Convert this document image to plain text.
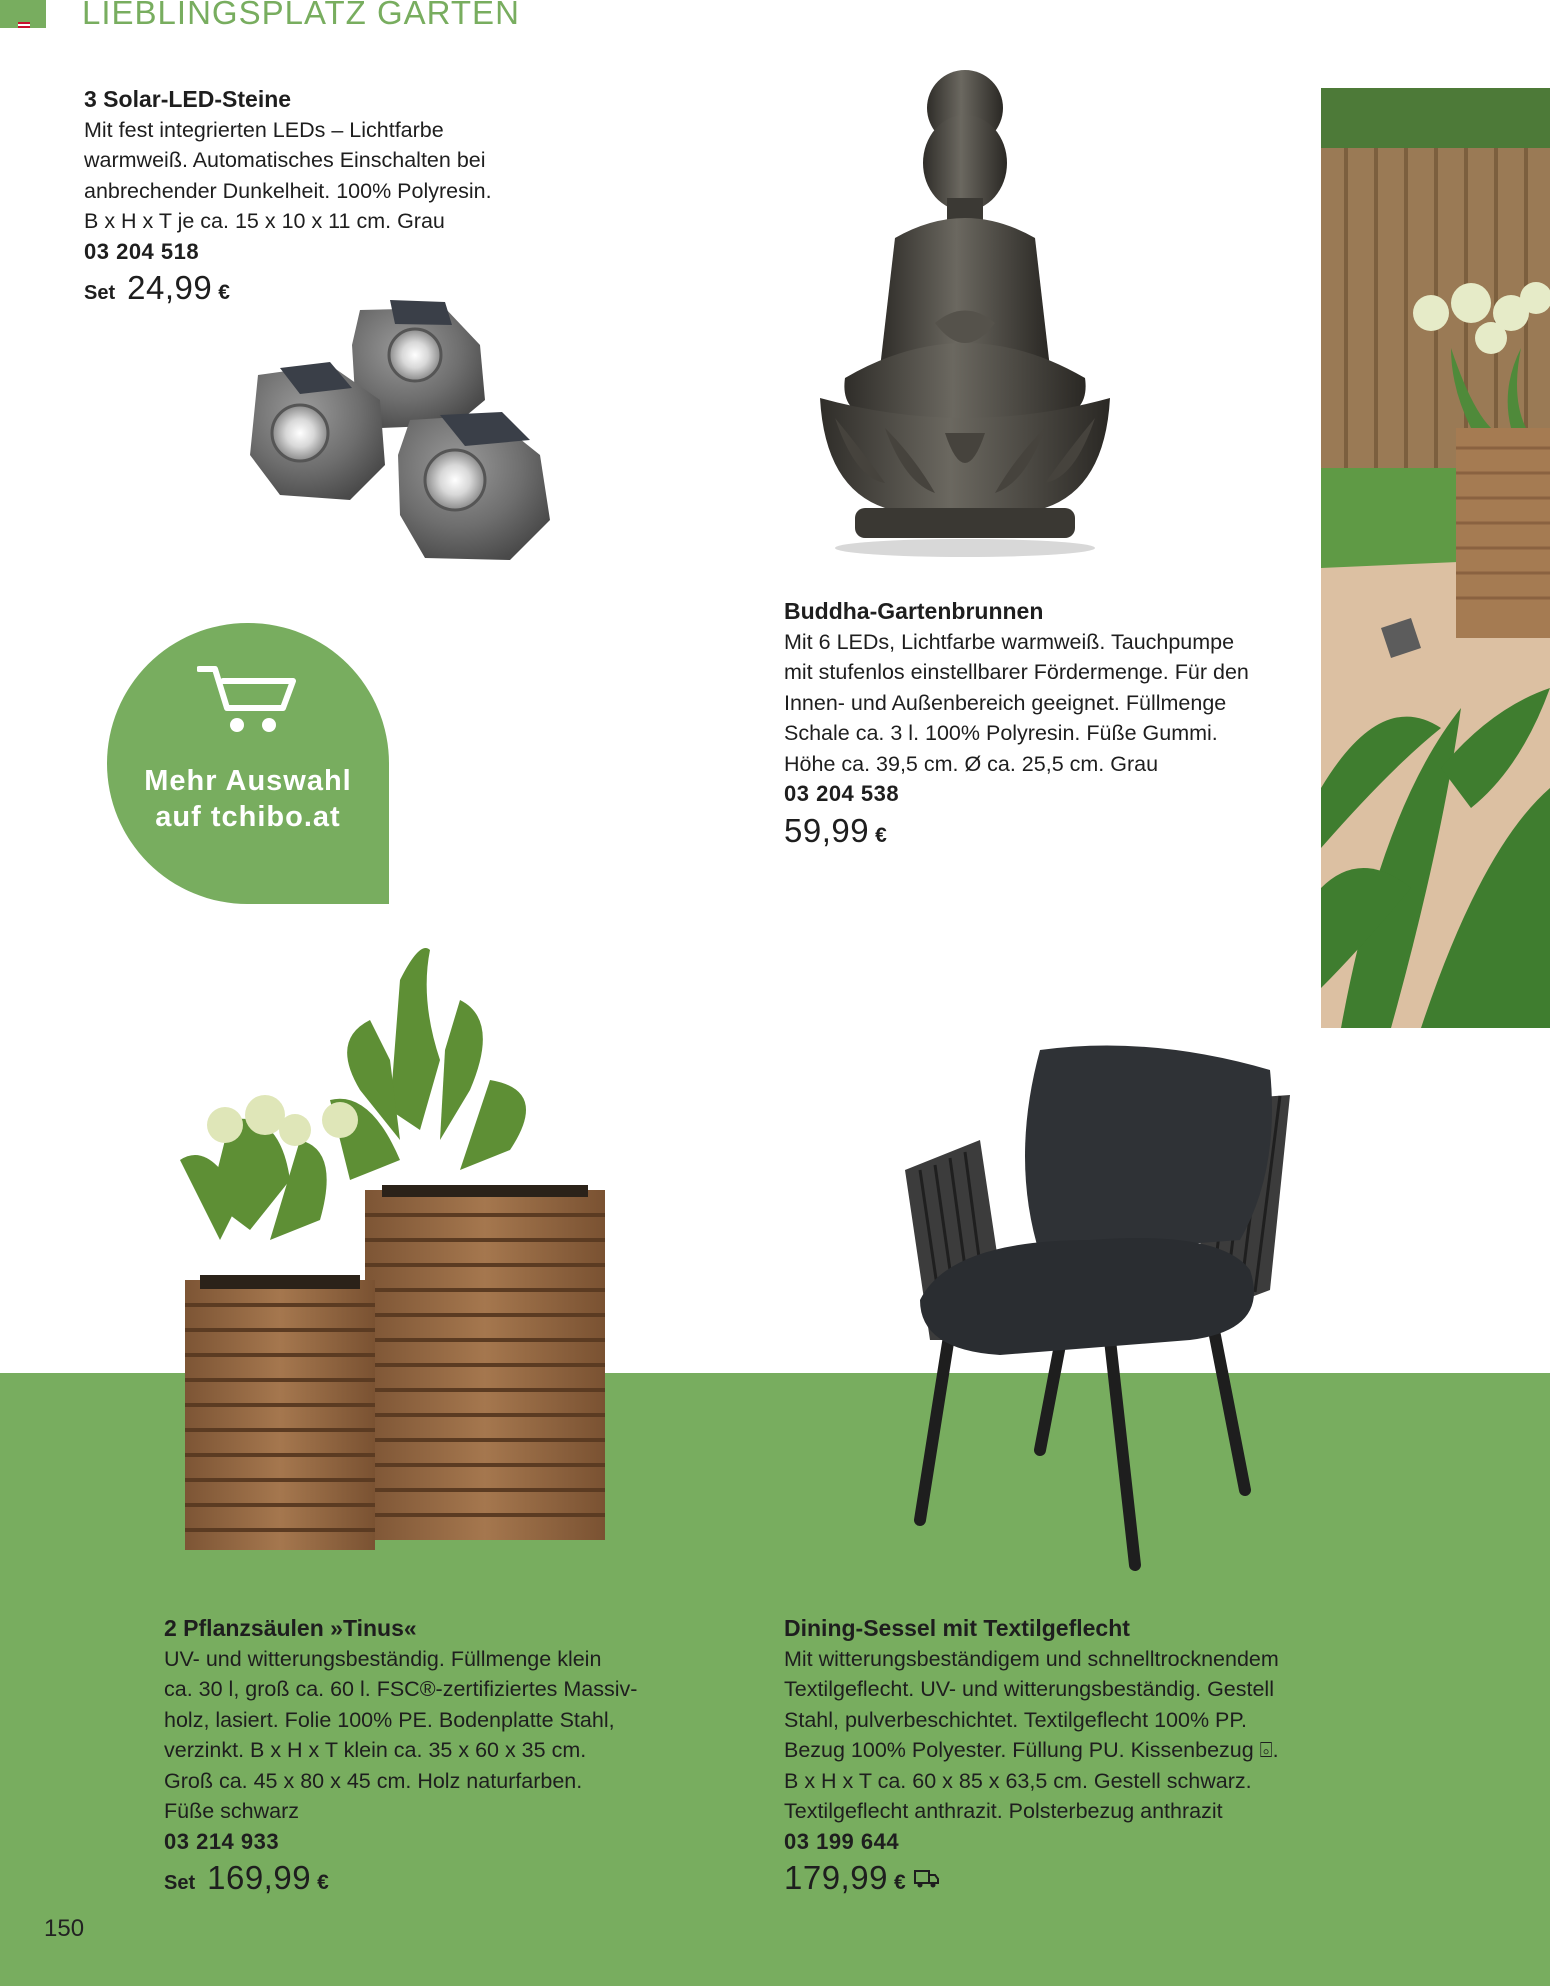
LIEBLINGSPLATZ GARTEN
3 Solar-LED-Steine
Mit fest integrierten LEDs – Lichtfarbe
warmweiß. Automatisches Einschalten bei
anbrechender Dunkelheit. 100% Polyresin.
B x H x T je ca. 15 x 10 x 11 cm. Grau
03 204 518
Set 24,99 €
Mehr Auswahl
auf tchibo.at
Buddha-Gartenbrunnen
Mit 6 LEDs, Lichtfarbe warmweiß. Tauchpumpe
mit stufenlos einstellbarer Fördermenge. Für den
Innen- und Außenbereich geeignet. Füllmenge
Schale ca. 3 l. 100% Polyresin. Füße Gummi.
Höhe ca. 39,5 cm. Ø ca. 25,5 cm. Grau
03 204 538
59,99 €
2 Pflanzsäulen »Tinus«
UV- und witterungsbeständig. Füllmenge klein
ca. 30 l, groß ca. 60 l. FSC®-zertifiziertes Massiv-
holz, lasiert. Folie 100% PE. Bodenplatte Stahl,
verzinkt. B x H x T klein ca. 35 x 60 x 35 cm.
Groß ca. 45 x 80 x 45 cm. Holz naturfarben.
Füße schwarz
03 214 933
Set 169,99 €
Dining-Sessel mit Textilgeflecht
Mit witterungsbeständigem und schnelltrocknendem
Textilgeflecht. UV- und witterungsbeständig. Gestell
Stahl, pulverbeschichtet. Textilgeflecht 100% PP.
Bezug 100% Polyester. Füllung PU. Kissenbezug ⌻.
B x H x T ca. 60 x 85 x 63,5 cm. Gestell schwarz.
Textilgeflecht anthrazit. Polsterbezug anthrazit
03 199 644
179,99 €
150
